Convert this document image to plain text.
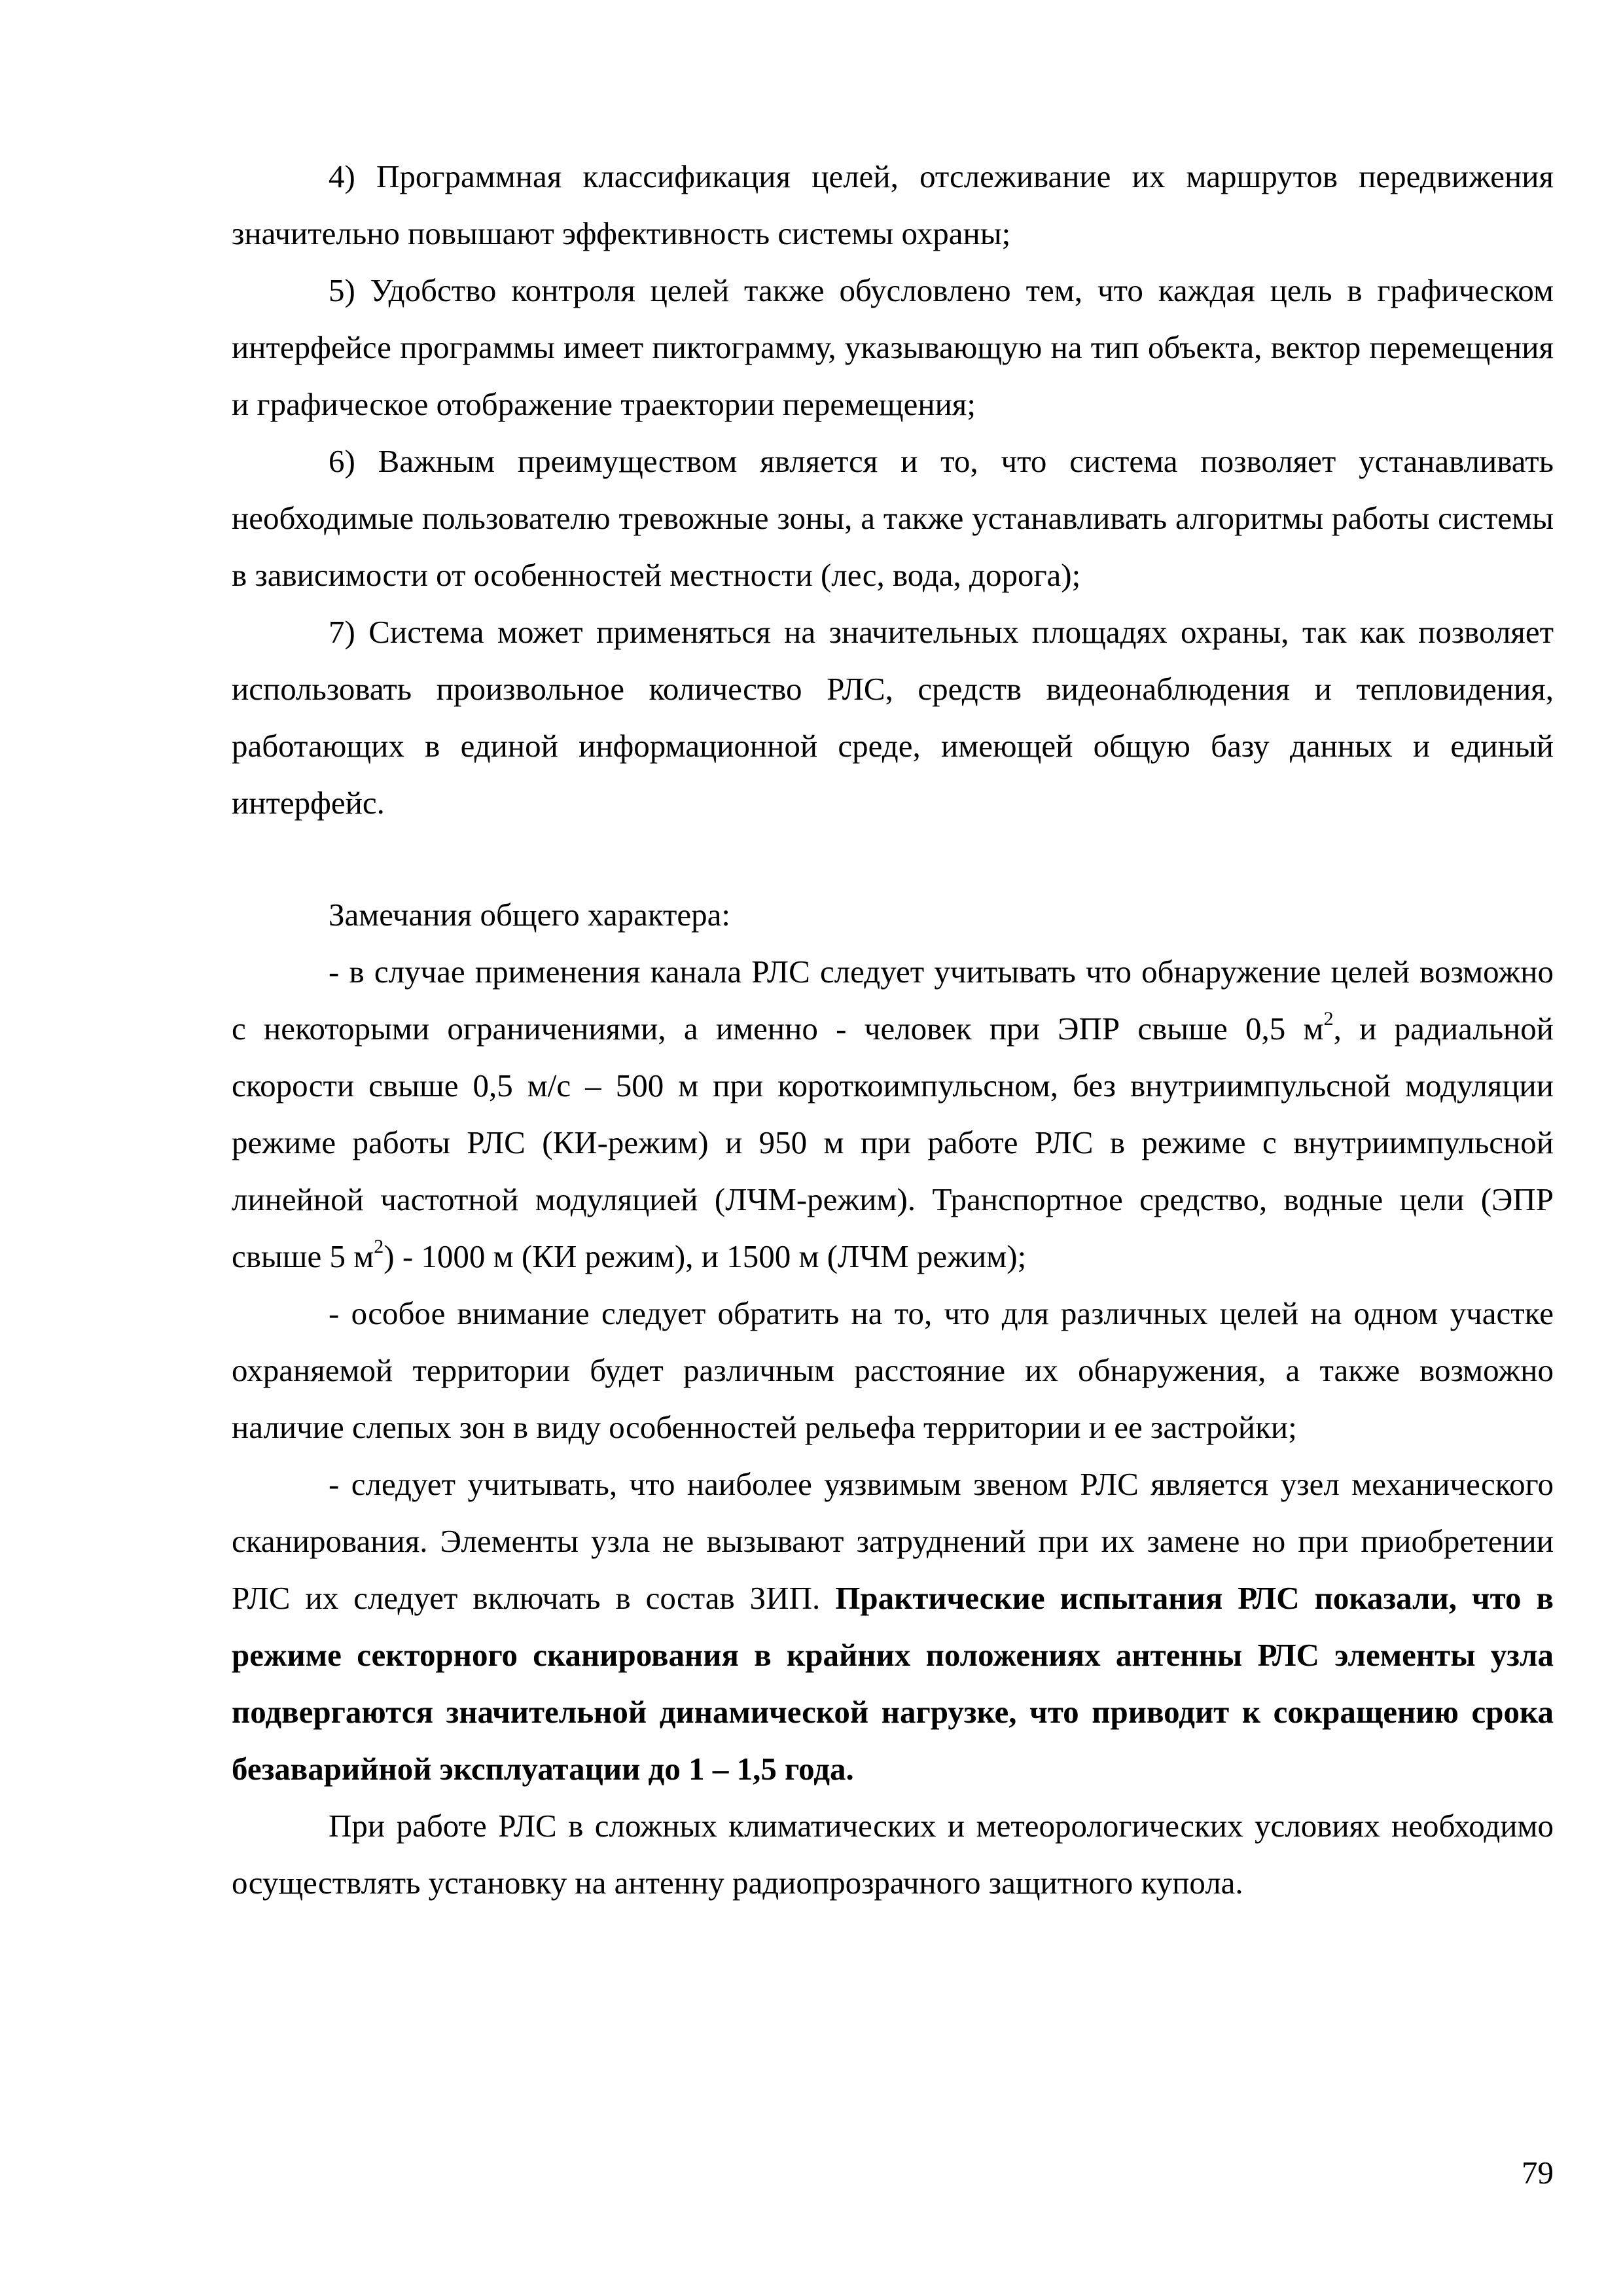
4) Программная классификация целей, отслеживание их маршрутов передвижения значительно повышают эффективность системы охраны;

5) Удобство контроля целей также обусловлено тем, что каждая цель в графическом интерфейсе программы имеет пиктограмму, указывающую на тип объекта, вектор перемещения и графическое отображение траектории перемещения;

6) Важным преимуществом является и то, что система позволяет устанавливать необходимые пользователю тревожные зоны, а также устанавливать алгоритмы работы системы в зависимости от особенностей местности (лес, вода, дорога);

7) Система может применяться на значительных площадях охраны, так как позволяет использовать произвольное количество РЛС, средств видеонаблюдения и тепловидения, работающих в единой информационной среде, имеющей общую базу данных и единый интерфейс.

Замечания общего характера:

- в случае применения канала РЛС следует учитывать что обнаружение целей возможно с некоторыми ограничениями, а именно - человек при ЭПР свыше 0,5 $м^2$, и радиальной скорости свыше 0,5 м/с – 500 м при короткоимпульсном, без внутриимпульсной модуляции режиме работы РЛС (КИ-режим) и 950 м при работе РЛС в режиме с внутриимпульсной линейной частотной модуляцией (ЛЧМ-режим). Транспортное средство, водные цели (ЭПР свыше 5 $м^2) - 1000$ м (КИ режим), и 1500 м (ЛЧМ режим);

- особое внимание следует обратить на то, что для различных целей на одном участке охраняемой территории будет различным расстояние их обнаружения, а также возможно наличие слепых зон в виду особенностей рельефа территории и ее застройки;

- следует учитывать, что наиболее уязвимым звеном РЛС является узел механического сканирования. Элементы узла не вызывают затруднений при их замене но при приобретении РЛС их следует включать в состав ЗИП. Практические испытания РЛС показали, что в режиме секторного сканирования в крайних положениях антенны РЛС элементы узла подвергаются значительной динамической нагрузке, что приводит к сокращению срока безаварийной эксплуатации до 1 – 1,5 года.

При работе РЛС в сложных климатических и метеорологических условиях необходимо осуществлять установку на антенну радиопрозрачного защитного купола.

79
